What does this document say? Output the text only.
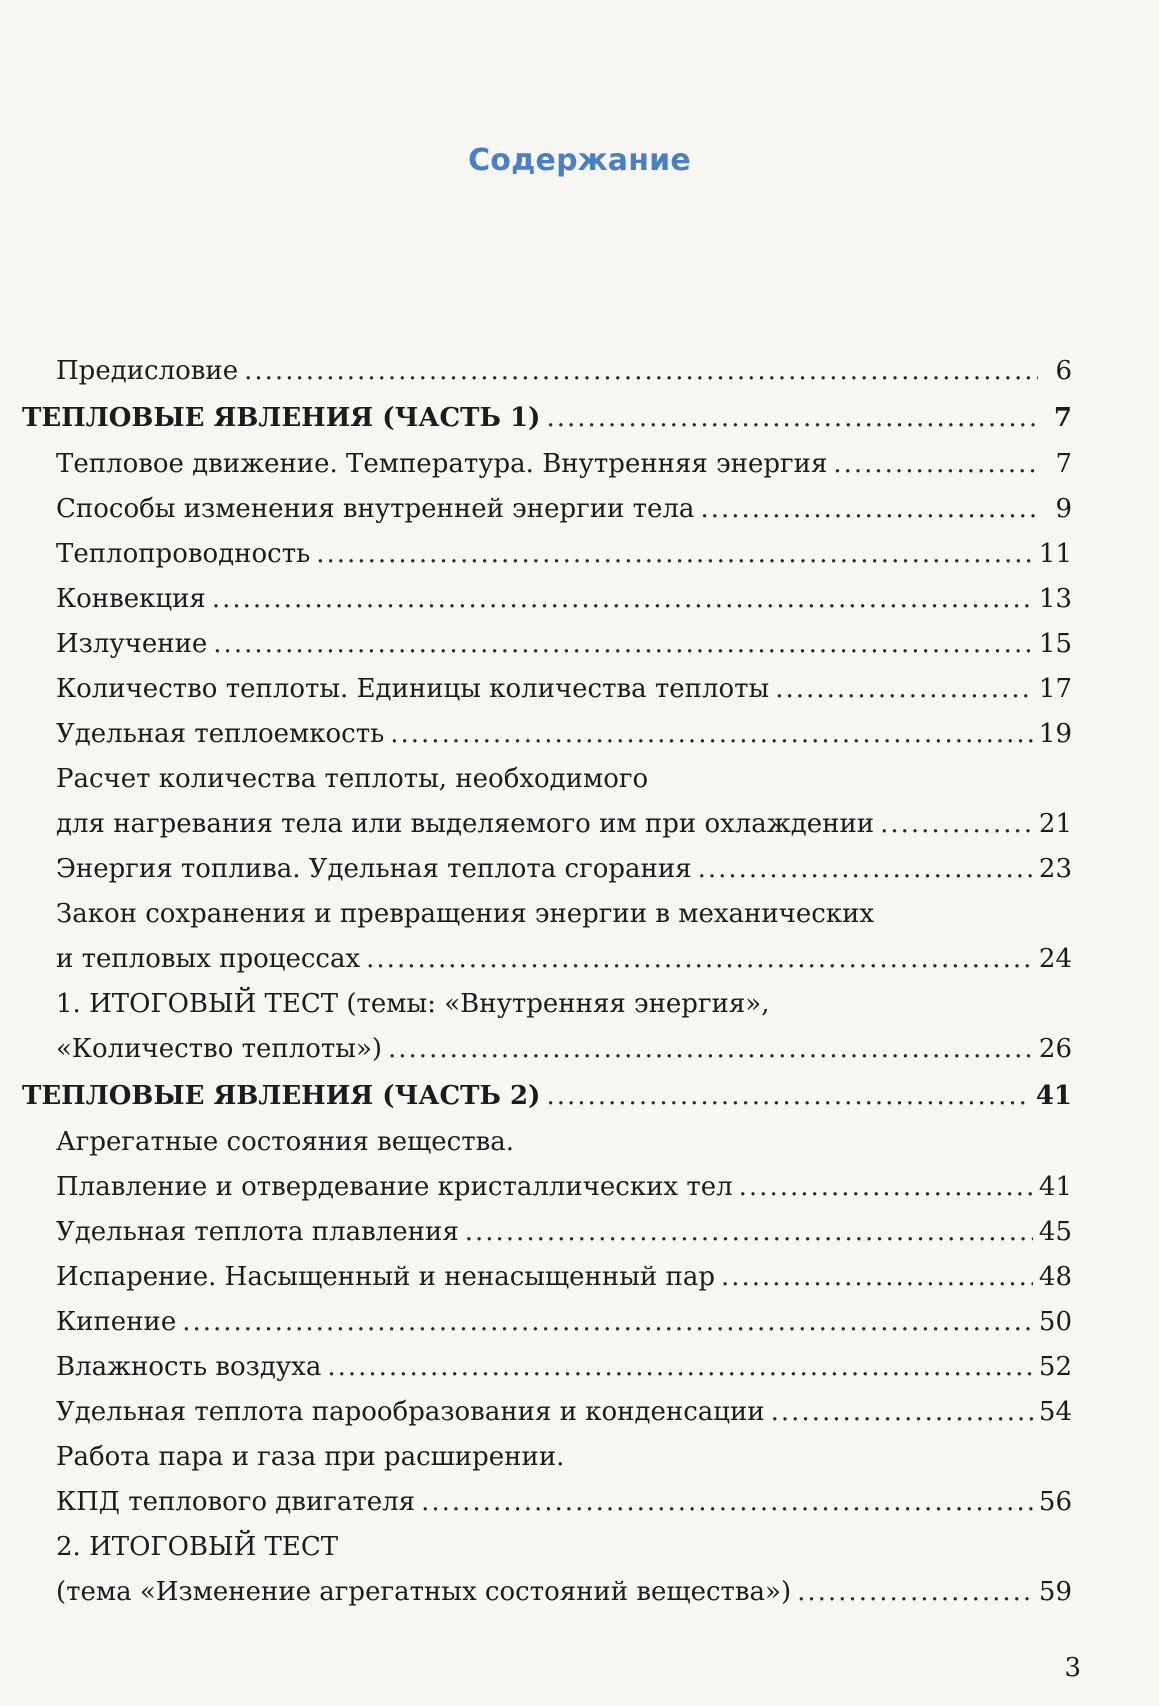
Содержание
Предисловие .....	6
ТЕПЛОВЫЕ ЯВЛЕНИЯ (ЧАСТЬ 1) .....	7
Тепловое движение. Температура. Внутренняя энергия .....	7
Способы изменения внутренней энергии тела .....	9
Теплопроводность .....	11
Конвекция .....	13
Излучение .....	15
Количество теплоты. Единицы количества теплоты .....	17
Удельная теплоемкость .....	19
Расчет количества теплоты, необходимого
для нагревания тела или выделяемого им при охлаждении .....	21
Энергия топлива. Удельная теплота сгорания .....	23
Закон сохранения и превращения энергии в механических
и тепловых процессах .....	24
1. ИТОГОВЫЙ ТЕСТ (темы: «Внутренняя энергия»,
«Количество теплоты») .....	26
ТЕПЛОВЫЕ ЯВЛЕНИЯ (ЧАСТЬ 2) .....	41
Агрегатные состояния вещества.
Плавление и отвердевание кристаллических тел .....	41
Удельная теплота плавления .....	45
Испарение. Насыщенный и ненасыщенный пар .....	48
Кипение .....	50
Влажность воздуха .....	52
Удельная теплота парообразования и конденсации .....	54
Работа пара и газа при расширении.
КПД теплового двигателя .....	56
2. ИТОГОВЫЙ ТЕСТ
(тема «Изменение агрегатных состояний вещества») .....	59
3
